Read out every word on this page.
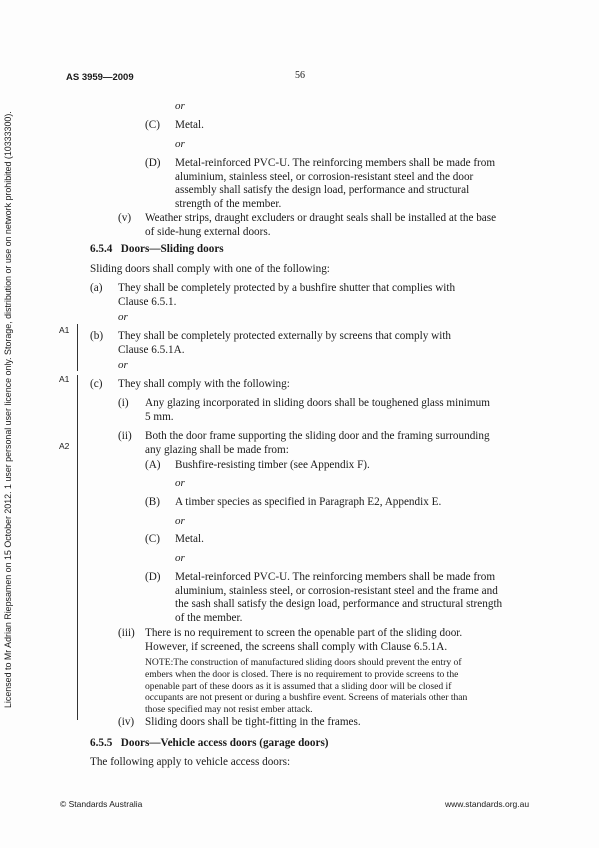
AS 3959—2009	56
Licensed to Mr Adrian Riepsamen on 15 October 2012. 1 user personal user licence only. Storage, distribution or use on network prohibited (10333300).
or
(C) Metal.
or
(D) Metal-reinforced PVC-U. The reinforcing members shall be made from
aluminium, stainless steel, or corrosion-resistant steel and the door
assembly shall satisfy the design load, performance and structural
strength of the member.
(v) Weather strips, draught excluders or draught seals shall be installed at the base
of side-hung external doors.
6.5.4 Doors—Sliding doors
Sliding doors shall comply with one of the following:
(a) They shall be completely protected by a bushfire shutter that complies with
Clause 6.5.1.
or
A1 (b) They shall be completely protected externally by screens that comply with
Clause 6.5.1A.
or
A1
A2
(c) They shall comply with the following:
(i) Any glazing incorporated in sliding doors shall be toughened glass minimum
5 mm.
(ii) Both the door frame supporting the sliding door and the framing surrounding
any glazing shall be made from:
(A) Bushfire-resisting timber (see Appendix F).
or
(B) A timber species as specified in Paragraph E2, Appendix E.
or
(C) Metal.
or
(D) Metal-reinforced PVC-U. The reinforcing members shall be made from
aluminium, stainless steel, or corrosion-resistant steel and the frame and
the sash shall satisfy the design load, performance and structural strength
of the member.
(iii) There is no requirement to screen the openable part of the sliding door.
However, if screened, the screens shall comply with Clause 6.5.1A.
NOTE:The construction of manufactured sliding doors should prevent the entry of
embers when the door is closed. There is no requirement to provide screens to the
openable part of these doors as it is assumed that a sliding door will be closed if
occupants are not present or during a bushfire event. Screens of materials other than
those specified may not resist ember attack.
(iv) Sliding doors shall be tight-fitting in the frames.
6.5.5 Doors—Vehicle access doors (garage doors)
The following apply to vehicle access doors:
© Standards Australia	www.standards.org.au
